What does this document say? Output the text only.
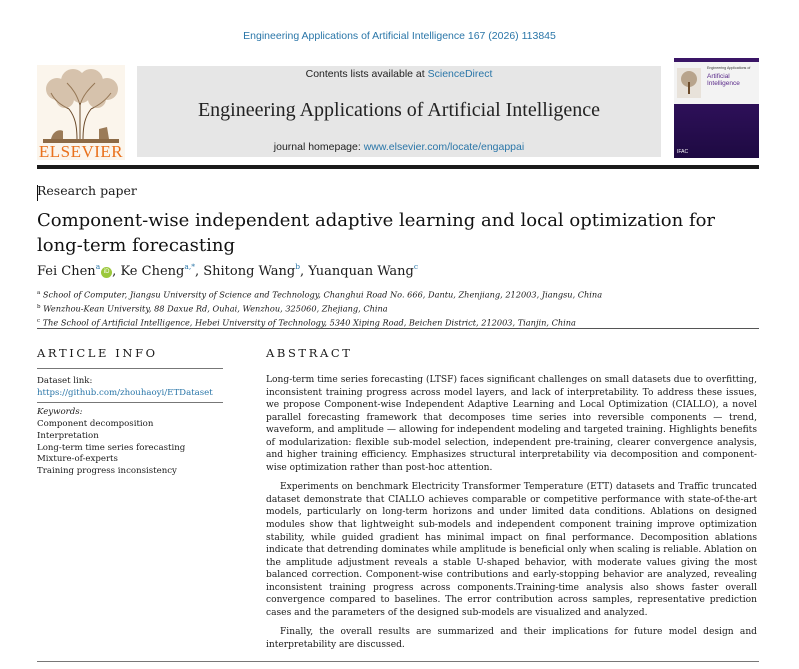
Engineering Applications of Artificial Intelligence 167 (2026) 113845
ELSEVIER
Contents lists available at ScienceDirect
Engineering Applications of Artificial Intelligence
journal homepage: www.elsevier.com/locate/engappai
Engineering Applications of
Artificial Intelligence
IFAC
Research paper
Component-wise independent adaptive learning and local optimization for long-term forecasting
Fei Chen$^a$iD , Ke Cheng$^{a,*}$, Shitong Wang$^b$, Yuanquan Wang$^c$
$^a$ School of Computer, Jiangsu University of Science and Technology, Changhui Road No. 666, Dantu, Zhenjiang, 212003, Jiangsu, China
$^b$ Wenzhou-Kean University, 88 Daxue Rd, Ouhai, Wenzhou, 325060, Zhejiang, China
$^c$ The School of Artificial Intelligence, Hebei University of Technology, 5340 Xiping Road, Beichen District, 212003, Tianjin, China
ARTICLE INFO	ABSTRACT
Dataset link: https://github.com/zhouhaoyi/ETDataset
Keywords:
Component decomposition
Interpretation
Long-term time series forecasting
Mixture-of-experts
Training progress inconsistency

Long-term time series forecasting (LTSF) faces significant challenges on small datasets due to overfitting, inconsistent training progress across model layers, and lack of interpretability. To address these issues, we propose Component-wise Independent Adaptive Learning and Local Optimization (CIALLO), a novel parallel forecasting framework that decomposes time series into reversible components — trend, waveform, and amplitude — allowing for independent modeling and targeted training. Highlights benefits of modularization: flexible sub-model selection, independent pre-training, clearer convergence analysis, and higher training efficiency. Emphasizes structural interpretability via decomposition and component-wise optimization rather than post-hoc attention.

Experiments on benchmark Electricity Transformer Temperature (ETT) datasets and Traffic truncated dataset demonstrate that CIALLO achieves comparable or competitive performance with state-of-the-art models, particularly on long-term horizons and under limited data conditions. Ablations on designed modules show that lightweight sub-models and independent component training improve optimization stability, while guided gradient has minimal impact on final performance. Decomposition ablations indicate that detrending dominates while amplitude is beneficial only when scaling is reliable. Ablation on the amplitude adjustment reveals a stable U-shaped behavior, with moderate values giving the most balanced correction. Component-wise contributions and early-stopping behavior are analyzed, revealing inconsistent training progress across components.Training-time analysis also shows faster overall convergence compared to baselines. The error contribution across samples, representative prediction cases and the parameters of the designed sub-models are visualized and analyzed.

Finally, the overall results are summarized and their implications for future model design and interpretability are discussed.
